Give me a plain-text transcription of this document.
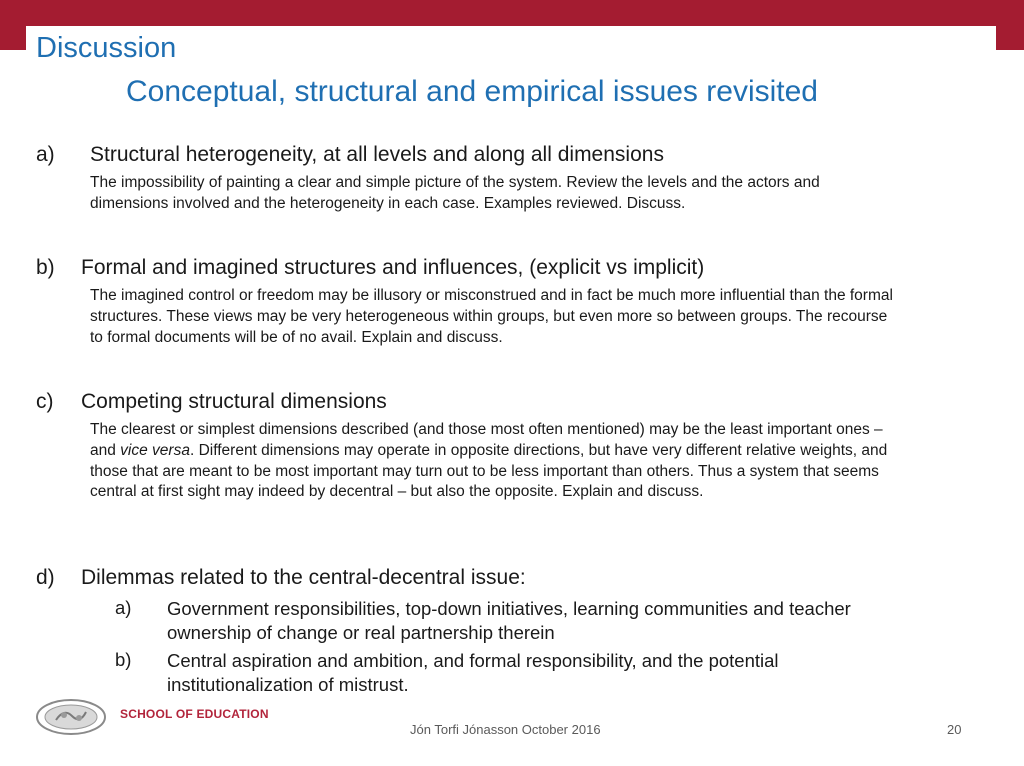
Discussion
Conceptual, structural and empirical issues revisited
a) Structural heterogeneity, at all levels and along all dimensions
The impossibility of painting a clear and simple picture of the system. Review the levels and the actors and dimensions involved and the heterogeneity in each case. Examples reviewed. Discuss.
b) Formal and imagined structures and influences, (explicit vs implicit)
The imagined control or freedom may be illusory or misconstrued and in fact be much more influential than the formal structures. These views may be very heterogeneous within groups, but even more so between groups. The recourse to formal documents will be of no avail. Explain and discuss.
c) Competing structural dimensions
The clearest or simplest dimensions described (and those most often mentioned) may be the least important ones – and vice versa. Different dimensions may operate in opposite directions, but have very different relative weights, and those that are meant to be most important may turn out to be less important than others. Thus a system that seems central at first sight may indeed by decentral – but also the opposite. Explain and discuss.
d) Dilemmas related to the central-decentral issue:
a) Government responsibilities, top-down initiatives, learning communities and teacher ownership of change or real partnership therein
b) Central aspiration and ambition, and formal responsibility, and the potential institutionalization of mistrust.
SCHOOL OF EDUCATION
Jón Torfi Jónasson October 2016	20
